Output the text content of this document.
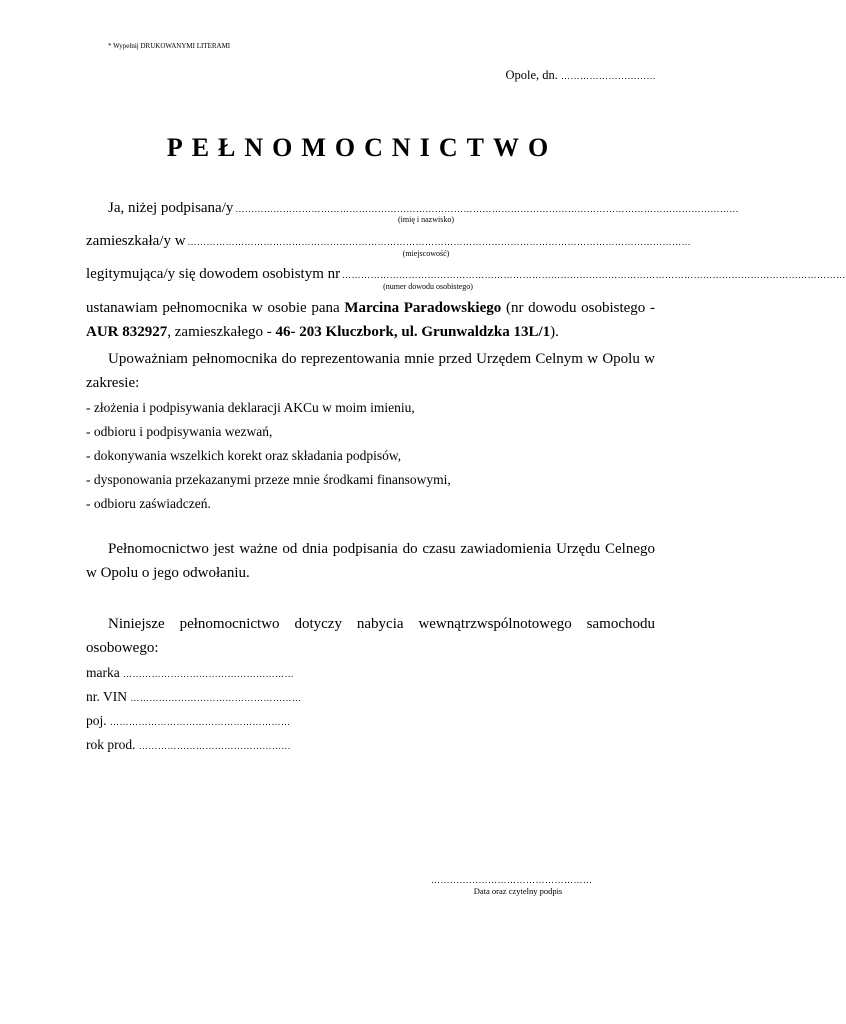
* Wypełnij DRUKOWANYMI LITERAMI
Opole, dn. …………………………
PEŁNOMOCNICTWO
Ja, niżej podpisana/y ……………………………………………………………………………………………………………………………………………
(imię i nazwisko)
zamieszkała/y w ……………………………………………………………………………………………………………………………………………
(miejscowość)
legitymująca/y się dowodem osobistym nr ……………………………………………………………………………………………………………………………………………
(numer dowodu osobistego)
ustanawiam pełnomocnika w osobie pana Marcina Paradowskiego (nr dowodu osobistego - AUR 832927, zamieszkałego - 46- 203 Kluczbork, ul. Grunwaldzka 13L/1).
Upoważniam pełnomocnika do reprezentowania mnie przed Urzędem Celnym w Opolu w zakresie:
- złożenia i podpisywania deklaracji AKCu w moim imieniu,
- odbioru i podpisywania wezwań,
- dokonywania wszelkich korekt oraz składania podpisów,
- dysponowania przekazanymi przeze mnie środkami finansowymi,
- odbioru zaświadczeń.
Pełnomocnictwo jest ważne od dnia podpisania do czasu zawiadomienia Urzędu Celnego w Opolu o jego odwołaniu.
Niniejsze pełnomocnictwo dotyczy nabycia wewnątrzwspólnotowego samochodu
osobowego:
marka ………………………………………………
nr. VIN ………………………………………………
poj. …………………………………………………
rok prod. …………………………………………
……………………………………………
Data oraz czytelny podpis
